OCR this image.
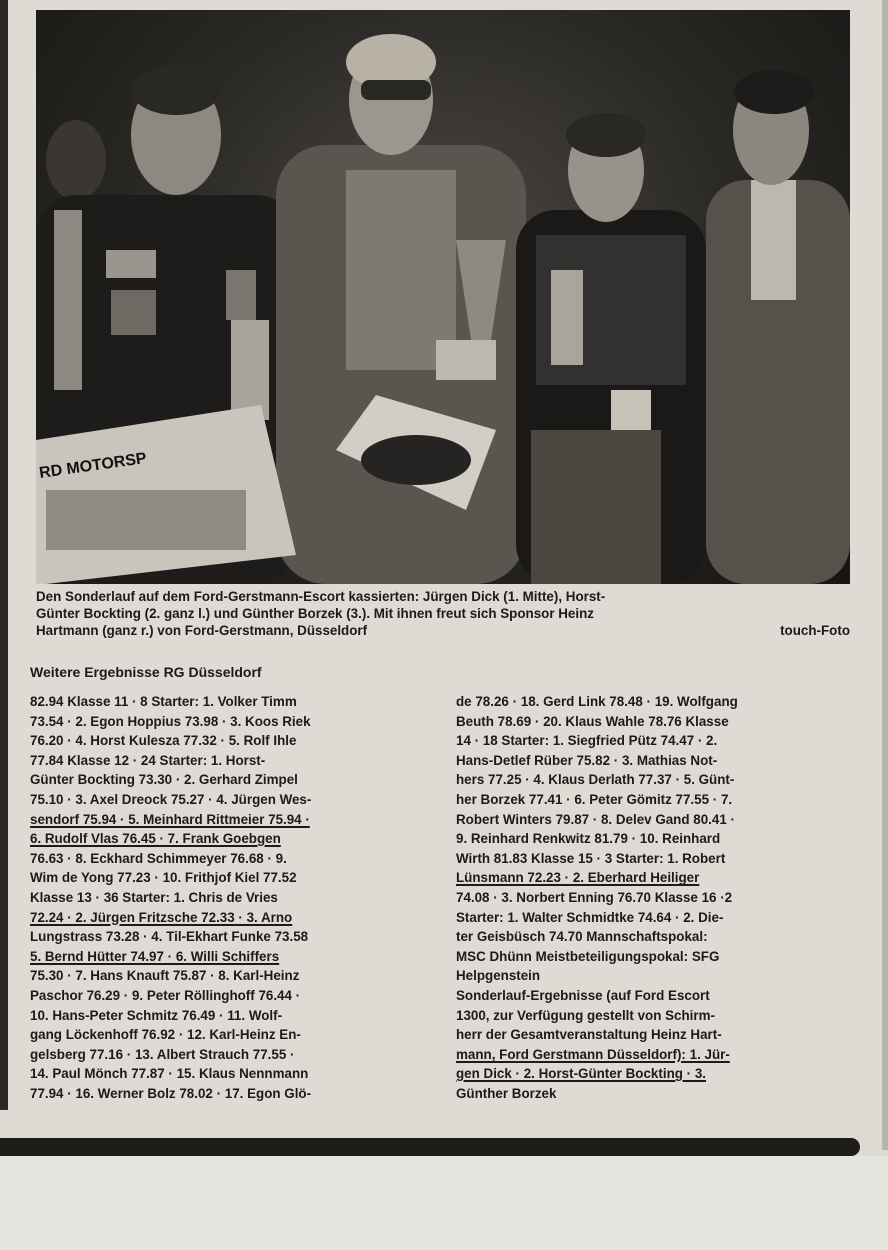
RD MOTORSP
Den Sonderlauf auf dem Ford-Gerstmann-Escort kassierten: Jürgen Dick (1. Mitte), Horst-
Günter Bockting (2. ganz l.) und Günther Borzek (3.). Mit ihnen freut sich Sponsor Heinz
Hartmann (ganz r.) von Ford-Gerstmann, Düsseldorf	touch-Foto
Weitere Ergebnisse RG Düsseldorf

82.94 Klasse 11 · 8 Starter: 1. Volker Timm

73.54 · 2. Egon Hoppius 73.98 · 3. Koos Riek

76.20 · 4. Horst Kulesza 77.32 · 5. Rolf Ihle

77.84 Klasse 12 · 24 Starter: 1. Horst-

Günter Bockting 73.30 · 2. Gerhard Zimpel

75.10 · 3. Axel Dreock 75.27 · 4. Jürgen Wes-

sendorf 75.94 · 5. Meinhard Rittmeier 75.94 ·

6. Rudolf Vlas 76.45 · 7. Frank Goebgen

76.63 · 8. Eckhard Schimmeyer 76.68 · 9.

Wim de Yong 77.23 · 10. Frithjof Kiel 77.52

Klasse 13 · 36 Starter: 1. Chris de Vries

72.24 · 2. Jürgen Fritzsche 72.33 · 3. Arno

Lungstrass 73.28 · 4. Til-Ekhart Funke 73.58

5. Bernd Hütter 74.97 · 6. Willi Schiffers

75.30 · 7. Hans Knauft 75.87 · 8. Karl-Heinz

Paschor 76.29 · 9. Peter Röllinghoff 76.44 ·

10. Hans-Peter Schmitz 76.49 · 11. Wolf-

gang Löckenhoff 76.92 · 12. Karl-Heinz En-

gelsberg 77.16 · 13. Albert Strauch 77.55 ·

14. Paul Mönch 77.87 · 15. Klaus Nennmann

77.94 · 16. Werner Bolz 78.02 · 17. Egon Glö-

de 78.26 · 18. Gerd Link 78.48 · 19. Wolfgang

Beuth 78.69 · 20. Klaus Wahle 78.76 Klasse

14 · 18 Starter: 1. Siegfried Pütz 74.47 · 2.

Hans-Detlef Rüber 75.82 · 3. Mathias Not-

hers 77.25 · 4. Klaus Derlath 77.37 · 5. Günt-

her Borzek 77.41 · 6. Peter Gömitz 77.55 · 7.

Robert Winters 79.87 · 8. Delev Gand 80.41 ·

9. Reinhard Renkwitz 81.79 · 10. Reinhard

Wirth 81.83 Klasse 15 · 3 Starter: 1. Robert

Lünsmann 72.23 · 2. Eberhard Heiliger

74.08 · 3. Norbert Enning 76.70 Klasse 16 ·2

Starter: 1. Walter Schmidtke 74.64 · 2. Die-

ter Geisbüsch 74.70 Mannschaftspokal:

MSC Dhünn Meistbeteiligungspokal: SFG

Helpgenstein

Sonderlauf-Ergebnisse (auf Ford Escort

1300, zur Verfügung gestellt von Schirm-

herr der Gesamtveranstaltung Heinz Hart-

mann, Ford Gerstmann Düsseldorf): 1. Jür-

gen Dick · 2. Horst-Günter Bockting · 3.

Günther Borzek
